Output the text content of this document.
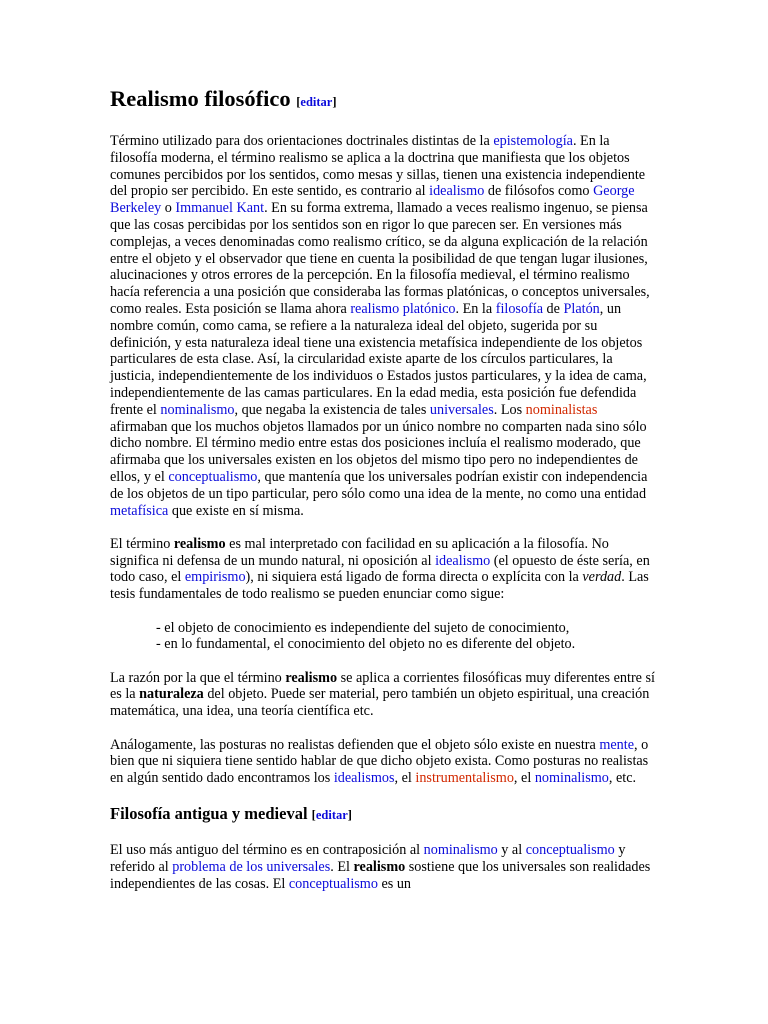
Realismo filosófico [editar]

Término utilizado para dos orientaciones doctrinales distintas de la epistemología. En la filosofía moderna, el término realismo se aplica a la doctrina que manifiesta que los objetos comunes percibidos por los sentidos, como mesas y sillas, tienen una existencia independiente del propio ser percibido. En este sentido, es contrario al idealismo de filósofos como George Berkeley o Immanuel Kant. En su forma extrema, llamado a veces realismo ingenuo, se piensa que las cosas percibidas por los sentidos son en rigor lo que parecen ser. En versiones más complejas, a veces denominadas como realismo crítico, se da alguna explicación de la relación entre el objeto y el observador que tiene en cuenta la posibilidad de que tengan lugar ilusiones, alucinaciones y otros errores de la percepción. En la filosofía medieval, el término realismo hacía referencia a una posición que consideraba las formas platónicas, o conceptos universales, como reales. Esta posición se llama ahora realismo platónico. En la filosofía de Platón, un nombre común, como cama, se refiere a la naturaleza ideal del objeto, sugerida por su definición, y esta naturaleza ideal tiene una existencia metafísica independiente de los objetos particulares de esta clase. Así, la circularidad existe aparte de los círculos particulares, la justicia, independientemente de los individuos o Estados justos particulares, y la idea de cama, independientemente de las camas particulares. En la edad media, esta posición fue defendida frente el nominalismo, que negaba la existencia de tales universales. Los nominalistas afirmaban que los muchos objetos llamados por un único nombre no comparten nada sino sólo dicho nombre. El término medio entre estas dos posiciones incluía el realismo moderado, que afirmaba que los universales existen en los objetos del mismo tipo pero no independientes de ellos, y el conceptualismo, que mantenía que los universales podrían existir con independencia de los objetos de un tipo particular, pero sólo como una idea de la mente, no como una entidad metafísica que existe en sí misma.

El término realismo es mal interpretado con facilidad en su aplicación a la filosofía. No significa ni defensa de un mundo natural, ni oposición al idealismo (el opuesto de éste sería, en todo caso, el empirismo), ni siquiera está ligado de forma directa o explícita con la verdad. Las tesis fundamentales de todo realismo se pueden enunciar como sigue:

- el objeto de conocimiento es independiente del sujeto de conocimiento,
- en lo fundamental, el conocimiento del objeto no es diferente del objeto.

La razón por la que el término realismo se aplica a corrientes filosóficas muy diferentes entre sí es la naturaleza del objeto. Puede ser material, pero también un objeto espiritual, una creación matemática, una idea, una teoría científica etc.

Análogamente, las posturas no realistas defienden que el objeto sólo existe en nuestra mente, o bien que ni siquiera tiene sentido hablar de que dicho objeto exista. Como posturas no realistas en algún sentido dado encontramos los idealismos, el instrumentalismo, el nominalismo, etc.

Filosofía antigua y medieval [editar]

El uso más antiguo del término es en contraposición al nominalismo y al conceptualismo y referido al problema de los universales. El realismo sostiene que los universales son realidades independientes de las cosas. El conceptualismo es un
